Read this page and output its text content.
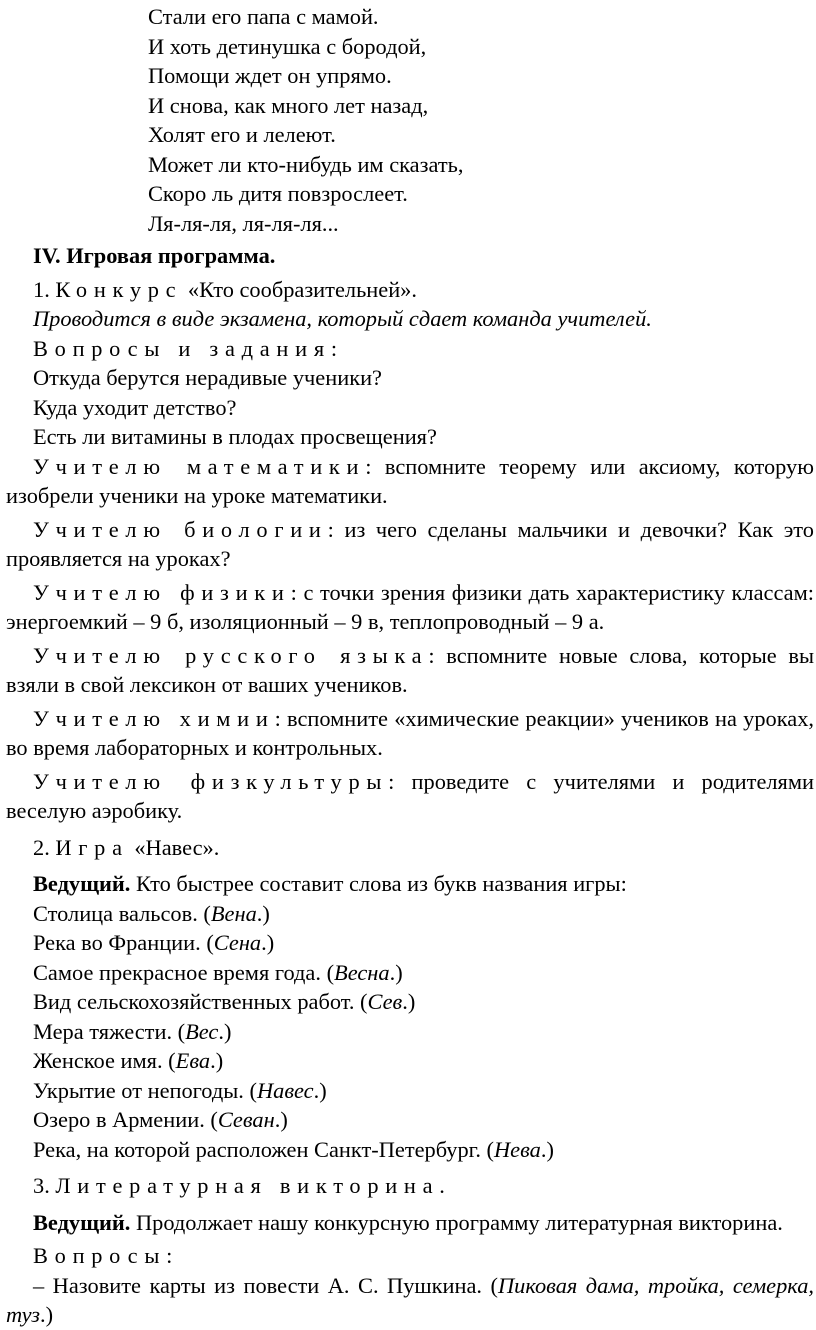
Стали его папа с мамой.
И хоть детинушка с бородой,
Помощи ждет он упрямо.
И снова, как много лет назад,
Холят его и лелеют.
Может ли кто-нибудь им сказать,
Скоро ль дитя повзрослеет.
Ля-ля-ля, ля-ля-ля...

IV. Игровая программа.

1. Конкурс «Кто сообразительней».

Проводится в виде экзамена, который сдает команда учителей.

Вопросы и задания:

Откуда берутся нерадивые ученики?

Куда уходит детство?

Есть ли витамины в плодах просвещения?

Учителю математики: вспомните теорему или аксиому, которую изобрели ученики на уроке математики.

Учителю биологии: из чего сделаны мальчики и девочки? Как это проявляется на уроках?

Учителю физики: с точки зрения физики дать характеристику классам: энергоемкий – 9 б, изоляционный – 9 в, теплопроводный – 9 а.

Учителю русского языка: вспомните новые слова, которые вы взяли в свой лексикон от ваших учеников.

Учителю химии: вспомните «химические реакции» учеников на уроках, во время лабораторных и контрольных.

Учителю физкультуры: проведите с учителями и родителями веселую аэробику.

2. Игра «Навес».

Ведущий. Кто быстрее составит слова из букв названия игры:

Столица вальсов. (Вена.)

Река во Франции. (Сена.)

Самое прекрасное время года. (Весна.)

Вид сельскохозяйственных работ. (Сев.)

Мера тяжести. (Вес.)

Женское имя. (Ева.)

Укрытие от непогоды. (Навес.)

Озеро в Армении. (Севан.)

Река, на которой расположен Санкт-Петербург. (Нева.)

3. Литературная викторина.

Ведущий. Продолжает нашу конкурсную программу литературная викторина.

Вопросы:

– Назовите карты из повести А. С. Пушкина. (Пиковая дама, тройка, семерка, туз.)
